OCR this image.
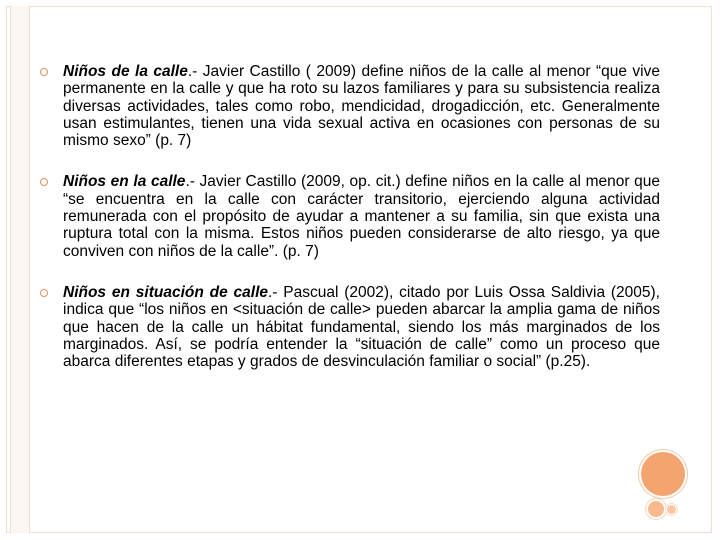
Niños de la calle.- Javier Castillo ( 2009) define niños de la calle al menor “que vive permanente en la calle y que ha roto su lazos familiares y para su subsistencia realiza diversas actividades, tales como robo, mendicidad, drogadicción, etc. Generalmente usan estimulantes, tienen una vida sexual activa en ocasiones con personas de su mismo sexo” (p. 7)
Niños en la calle.- Javier Castillo (2009, op. cit.) define niños en la calle al menor que “se encuentra en la calle con carácter transitorio, ejerciendo alguna actividad remunerada con el propósito de ayudar a mantener a su familia, sin que exista una ruptura total con la misma. Estos niños pueden considerarse de alto riesgo, ya que conviven con niños de la calle”. (p. 7)
Niños en situación de calle.- Pascual (2002), citado por Luis Ossa Saldivia (2005), indica que “los niños en <situación de calle> pueden abarcar la amplia gama de niños que hacen de la calle un hábitat fundamental, siendo los más marginados de los marginados. Así, se podría entender la “situación de calle” como un proceso que abarca diferentes etapas y grados de desvinculación familiar o social” (p.25).
